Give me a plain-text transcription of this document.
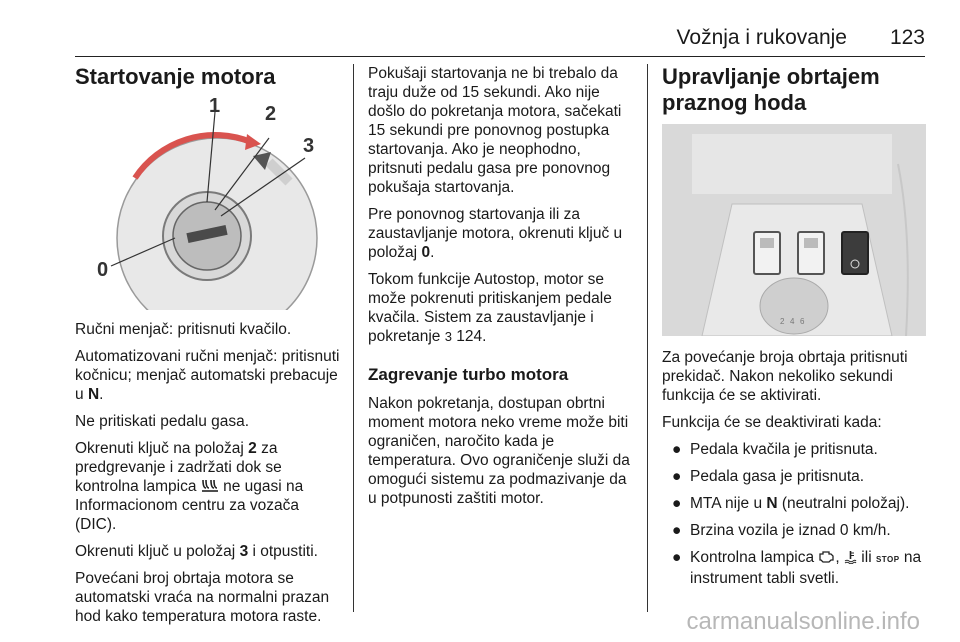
Vožnja i rukovanje 123
Startovanje motora
1 2
3
0

Ručni menjač: pritisnuti kvačilo.

Automatizovani ručni menjač: pritisnuti kočnicu; menjač automatski prebacuje u N.

Ne pritiskati pedalu gasa.

Okrenuti ključ na položaj 2 za predgrevanje i zadržati dok se kontrolna lampica  ne ugasi na Informacionom centru za vozača (DIC).

Okrenuti ključ u položaj 3 i otpustiti.

Povećani broj obrtaja motora se automatski vraća na normalni prazan hod kako temperatura motora raste.

Pokušaji startovanja ne bi trebalo da traju duže od 15 sekundi. Ako nije došlo do pokretanja motora, sačekati 15 sekundi pre ponovnog postupka startovanja. Ako je neophodno, pritsnuti pedalu gasa pre ponovnog pokušaja startovanja.

Pre ponovnog startovanja ili za zaustavljanje motora, okrenuti ključ u položaj 0.

Tokom funkcije Autostop, motor se može pokrenuti pritiskanjem pedale kvačila. Sistem za zaustavljanje i pokretanje 3 124.

Zagrevanje turbo motora

Nakon pokretanja, dostupan obrtni moment motora neko vreme može biti ograničen, naročito kada je temperatura. Ovo ograničenje služi da omogući sistemu za podmazivanje da u potpunosti zaštiti motor.

Upravljanje obrtajem praznog hoda
2 4 6

Za povećanje broja obrtaja pritisnuti prekidač. Nakon nekoliko sekundi funkcija će se aktivirati.

Funkcija će se deaktivirati kada:

● Pedala kvačila je pritisnuta.
● Pedala gasa je pritisnuta.
● MTA nije u N (neutralni položaj).
● Brzina vozila je iznad 0 km/h.
● Kontrolna lampica ,  ili STOP na instrument tabli svetli.
carmanualsonline.info
